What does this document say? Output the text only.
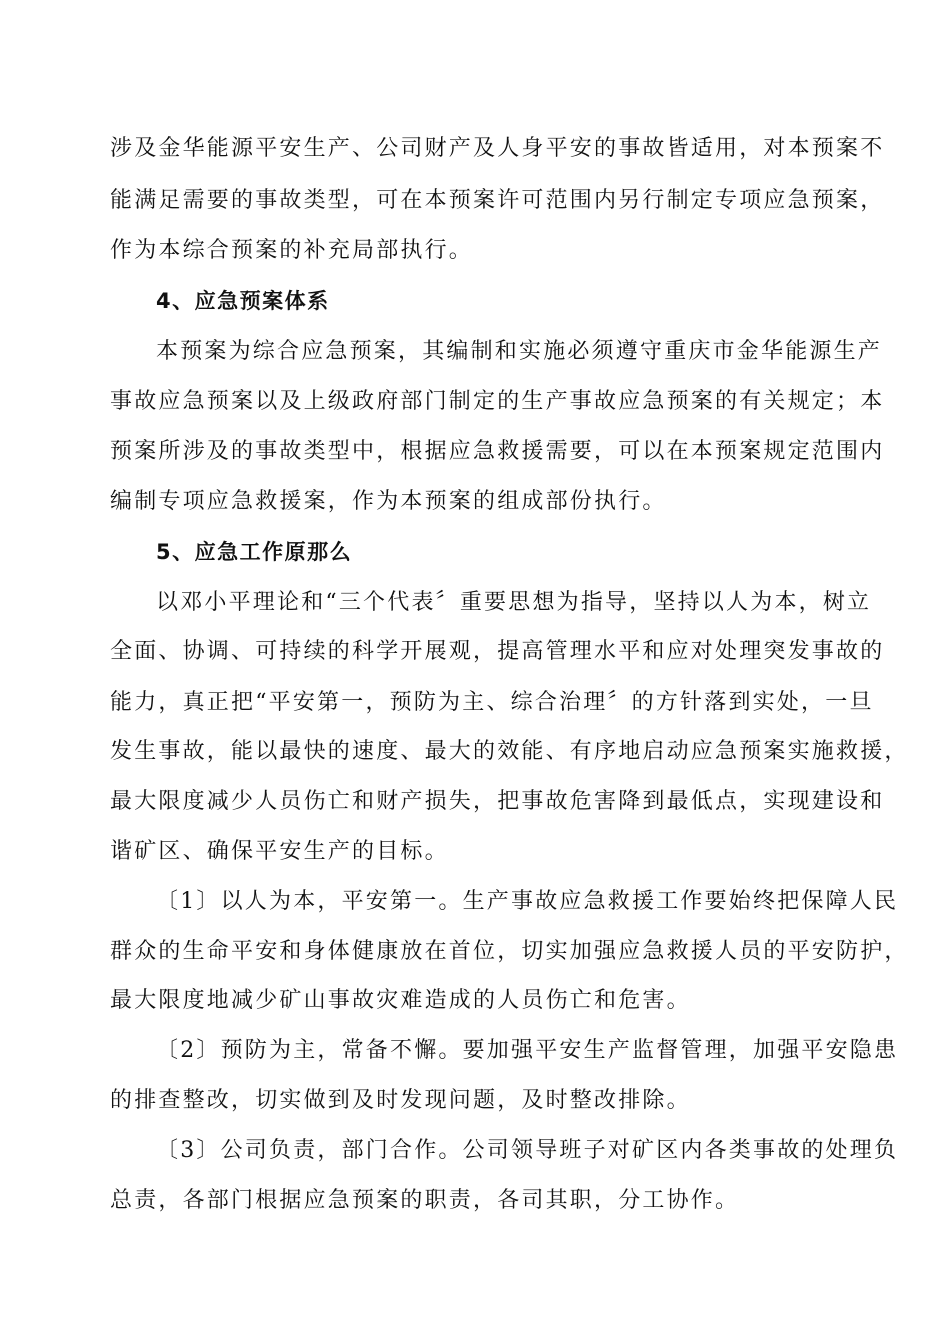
涉及金华能源平安生产、公司财产及人身平安的事故皆适用，对本预案不
能满足需要的事故类型，可在本预案许可范围内另行制定专项应急预案，
作为本综合预案的补充局部执行。
4、应急预案体系
本预案为综合应急预案，其编制和实施必须遵守重庆市金华能源生产
事故应急预案以及上级政府部门制定的生产事故应急预案的有关规定；本
预案所涉及的事故类型中，根据应急救援需要，可以在本预案规定范围内
编制专项应急救援案，作为本预案的组成部份执行。
5、应急工作原那么
以邓小平理论和“三个代表〞重要思想为指导，坚持以人为本，树立
全面、协调、可持续的科学开展观，提高管理水平和应对处理突发事故的
能力，真正把“平安第一，预防为主、综合治理〞的方针落到实处，一旦
发生事故，能以最快的速度、最大的效能、有序地启动应急预案实施救援，
最大限度减少人员伤亡和财产损失，把事故危害降到最低点，实现建设和
谐矿区、确保平安生产的目标。
〔1〕以人为本，平安第一。生产事故应急救援工作要始终把保障人民
群众的生命平安和身体健康放在首位，切实加强应急救援人员的平安防护，
最大限度地减少矿山事故灾难造成的人员伤亡和危害。
〔2〕预防为主，常备不懈。要加强平安生产监督管理，加强平安隐患
的排查整改，切实做到及时发现问题，及时整改排除。
〔3〕公司负责，部门合作。公司领导班子对矿区内各类事故的处理负
总责，各部门根据应急预案的职责，各司其职，分工协作。
